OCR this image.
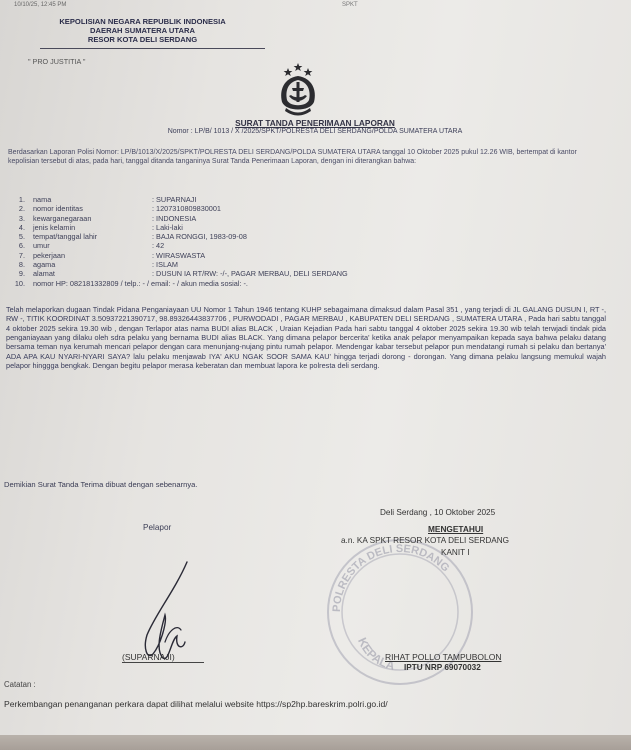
10/10/25, 12:45 PM	SPKT
KEPOLISIAN NEGARA REPUBLIK INDONESIA
DAERAH SUMATERA UTARA
RESOR KOTA DELI SERDANG
" PRO JUSTITIA "
SURAT TANDA PENERIMAAN LAPORAN
Nomor : LP/B/ 1013 / X /2025/SPKT/POLRESTA DELI SERDANG/POLDA SUMATERA UTARA
Berdasarkan Laporan Polisi Nomor: LP/B/1013/X/2025/SPKT/POLRESTA DELI SERDANG/POLDA SUMATERA UTARA tanggal 10 Oktober 2025 pukul 12.26 WIB, bertempat di kantor kepolisian tersebut di atas, pada hari, tanggal ditanda tanganinya Surat Tanda Penerimaan Laporan, dengan ini diterangkan bahwa:
1.	nama	: SUPARNAJI
2.	nomor identitas	: 1207310809830001
3.	kewarganegaraan	: INDONESIA
4.	jenis kelamin	: Laki-laki
5.	tempat/tanggal lahir	: BAJA RONGGI, 1983-09-08
6.	umur	: 42
7.	pekerjaan	: WIRASWASTA
8.	agama	: ISLAM
9.	alamat	: DUSUN IA RT/RW: -/-, PAGAR MERBAU, DELI SERDANG
10.	nomor HP: 082181332809 / telp.: - / email: - / akun media sosial: -.	
Telah melaporkan dugaan Tindak Pidana Penganiayaan UU Nomor 1 Tahun 1946 tentang KUHP sebagaimana dimaksud dalam Pasal 351 , yang terjadi di JL GALANG DUSUN I, RT -, RW -, TITIK KOORDINAT 3.50937221390717, 98.89326443837706 , PURWODADI , PAGAR MERBAU , KABUPATEN DELI SERDANG , SUMATERA UTARA , Pada hari sabtu tanggal 4 oktober 2025 sekira 19.30 wib , dengan Terlapor atas nama BUDI alias BLACK , Uraian Kejadian Pada hari sabtu tanggal 4 oktober 2025 sekira 19.30 wib telah terwjadi tindak pida penganiayaan yang dilaku oleh sdra pelaku yang bernama BUDI alias BLACK. Yang dimana pelapor bercerita' ketika anak pelapor menyampaikan kepada saya bahwa pelaku datang bersama teman nya kerumah mencari pelapor dengan cara menunjang-nujang pintu rumah pelapor. Mendengar kabar tersebut pelapor pun mendatangi rumah si pelaku dan bertanya' ADA APA KAU NYARI-NYARI SAYA? lalu pelaku menjawab IYA' AKU NGAK SOOR SAMA KAU' hingga terjadi dorong - dorongan. Yang dimana pelaku langsung memukul wajah pelapor hinggga bengkak. Dengan begitu pelapor merasa keberatan dan membuat lapora ke polresta deli serdang.
Demikian Surat Tanda Terima dibuat dengan sebenarnya.
POLRESTA DELI SERDANG
KEPALA
Deli Serdang , 10 Oktober 2025
Pelapor	MENGETAHUI
a.n. KA SPKT RESOR KOTA DELI SERDANG
KANIT I
(SUPARNAJI)	RIHAT POLLO TAMPUBOLON
IPTU NRP 69070032
Catatan :
Perkembangan penanganan perkara dapat dilihat melalui website https://sp2hp.bareskrim.polri.go.id/
